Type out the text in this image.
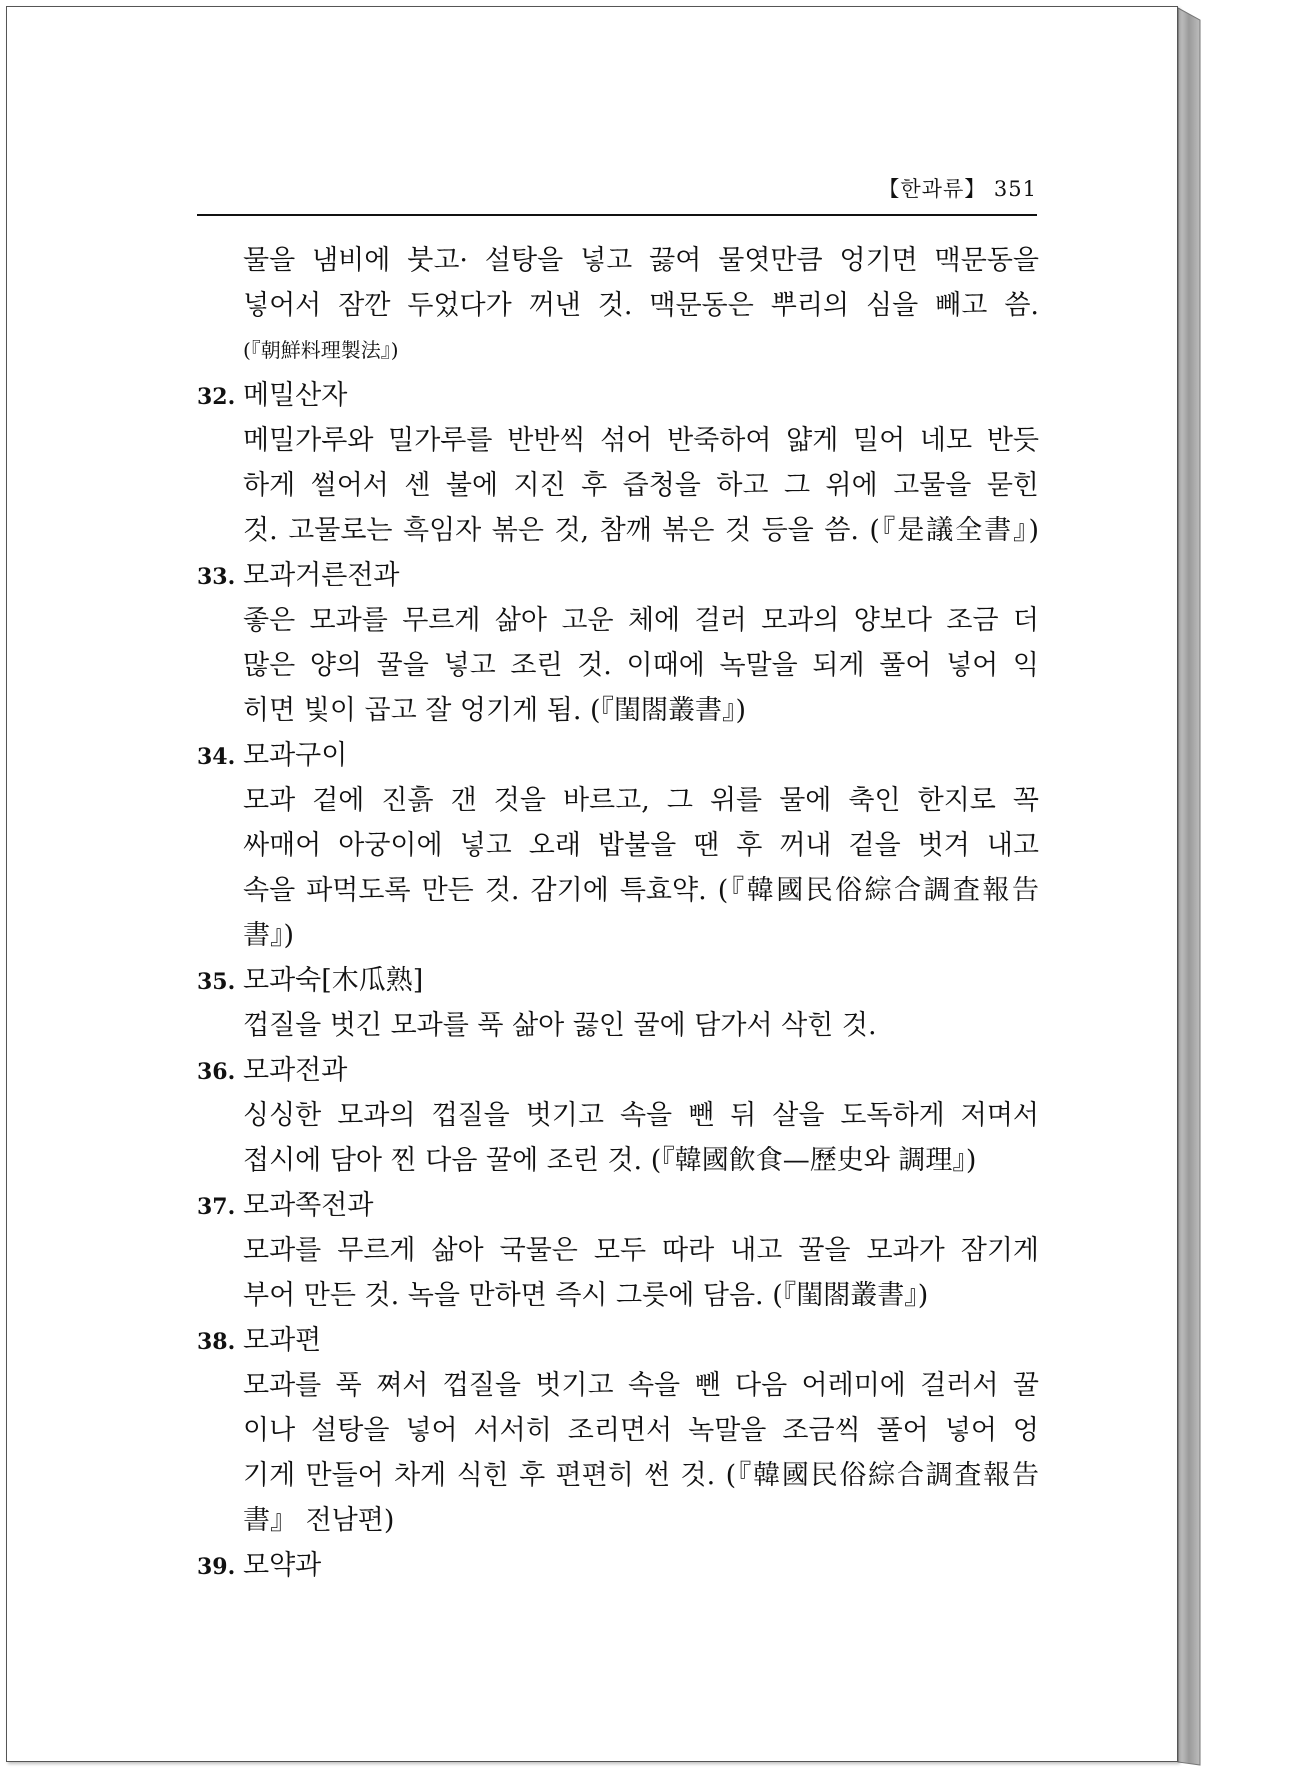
【한과류】 351
물을 냄비에 붓고· 설탕을 넣고 끓여 물엿만큼 엉기면 맥문동을
넣어서 잠깐 두었다가 꺼낸 것. 맥문동은 뿌리의 심을 빼고 씀.
(『朝鮮料理製法』)
32. 메밀산자
메밀가루와 밀가루를 반반씩 섞어 반죽하여 얇게 밀어 네모 반듯
하게 썰어서 센 불에 지진 후 즙청을 하고 그 위에 고물을 묻힌
것. 고물로는 흑임자 볶은 것, 참깨 볶은 것 등을 씀. (『是議全書』)
33. 모과거른전과
좋은 모과를 무르게 삶아 고운 체에 걸러 모과의 양보다 조금 더
많은 양의 꿀을 넣고 조린 것. 이때에 녹말을 되게 풀어 넣어 익
히면 빛이 곱고 잘 엉기게 됨. (『閨閤叢書』)
34. 모과구이
모과 겉에 진흙 갠 것을 바르고, 그 위를 물에 축인 한지로 꼭
싸매어 아궁이에 넣고 오래 밥불을 땐 후 꺼내 겉을 벗겨 내고
속을 파먹도록 만든 것. 감기에 특효약. (『韓國民俗綜合調査報告
書』)
35. 모과숙[木瓜熟]
껍질을 벗긴 모과를 푹 삶아 끓인 꿀에 담가서 삭힌 것.
36. 모과전과
싱싱한 모과의 껍질을 벗기고 속을 뺀 뒤 살을 도독하게 저며서
접시에 담아 찐 다음 꿀에 조린 것. (『韓國飮食—歷史와 調理』)
37. 모과쪽전과
모과를 무르게 삶아 국물은 모두 따라 내고 꿀을 모과가 잠기게
부어 만든 것. 녹을 만하면 즉시 그릇에 담음. (『閨閤叢書』)
38. 모과편
모과를 푹 쪄서 껍질을 벗기고 속을 뺀 다음 어레미에 걸러서 꿀
이나 설탕을 넣어 서서히 조리면서 녹말을 조금씩 풀어 넣어 엉
기게 만들어 차게 식힌 후 편편히 썬 것. (『韓國民俗綜合調査報告
書』 전남편)
39. 모약과
